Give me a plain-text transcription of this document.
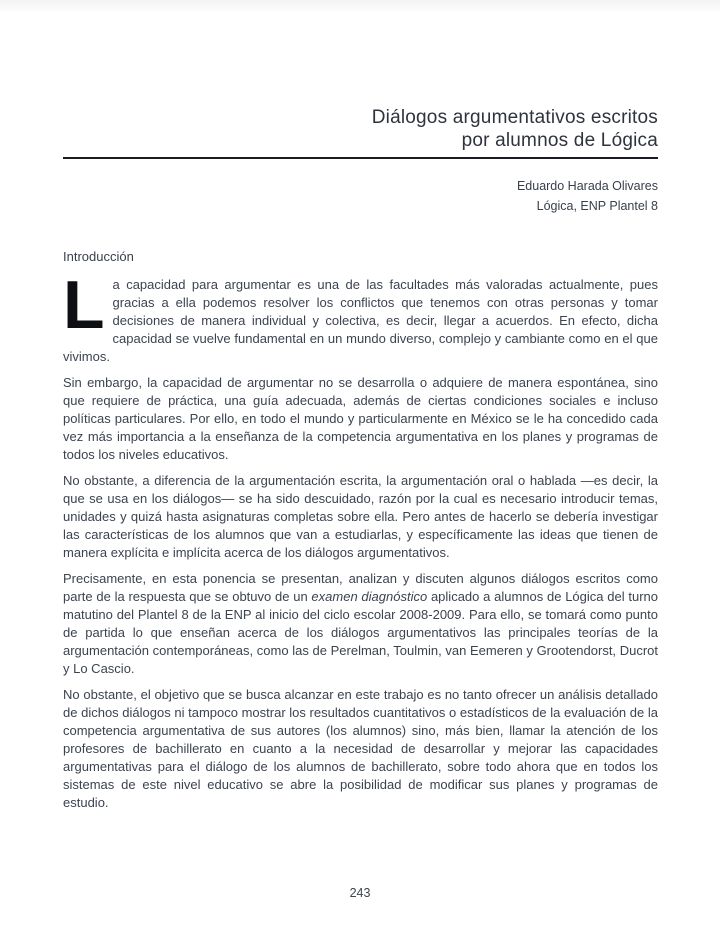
Diálogos argumentativos escritos
por alumnos de Lógica
Eduardo Harada Olivares
Lógica, ENP Plantel 8
Introducción

La capacidad para argumentar es una de las facultades más valoradas actualmente, pues gracias a ella podemos resolver los conflictos que tenemos con otras personas y tomar decisiones de manera individual y colectiva, es decir, llegar a acuerdos. En efecto, dicha capacidad se vuelve fundamental en un mundo diverso, complejo y cambiante como en el que vivimos.

Sin embargo, la capacidad de argumentar no se desarrolla o adquiere de manera espontánea, sino que requiere de práctica, una guía adecuada, además de ciertas condiciones sociales e incluso políticas particulares. Por ello, en todo el mundo y particularmente en México se le ha concedido cada vez más importancia a la enseñanza de la competencia argumentativa en los planes y programas de todos los niveles educativos.

No obstante, a diferencia de la argumentación escrita, la argumentación oral o hablada —es decir, la que se usa en los diálogos— se ha sido descuidado, razón por la cual es necesario introducir temas, unidades y quizá hasta asignaturas completas sobre ella. Pero antes de hacerlo se debería investigar las características de los alumnos que van a estudiarlas, y específicamente las ideas que tienen de manera explícita e implícita acerca de los diálogos argumentativos.

Precisamente, en esta ponencia se presentan, analizan y discuten algunos diálogos escritos como parte de la respuesta que se obtuvo de un examen diagnóstico aplicado a alumnos de Lógica del turno matutino del Plantel 8 de la ENP al inicio del ciclo escolar 2008-2009. Para ello, se tomará como punto de partida lo que enseñan acerca de los diálogos argumentativos las principales teorías de la argumentación contemporáneas, como las de Perelman, Toulmin, van Eemeren y Grootendorst, Ducrot y Lo Cascio.

No obstante, el objetivo que se busca alcanzar en este trabajo es no tanto ofrecer un análisis detallado de dichos diálogos ni tampoco mostrar los resultados cuantitativos o estadísticos de la evaluación de la competencia argumentativa de sus autores (los alumnos) sino, más bien, llamar la atención de los profesores de bachillerato en cuanto a la necesidad de desarrollar y mejorar las capacidades argumentativas para el diálogo de los alumnos de bachillerato, sobre todo ahora que en todos los sistemas de este nivel educativo se abre la posibilidad de modificar sus planes y programas de estudio.

243
